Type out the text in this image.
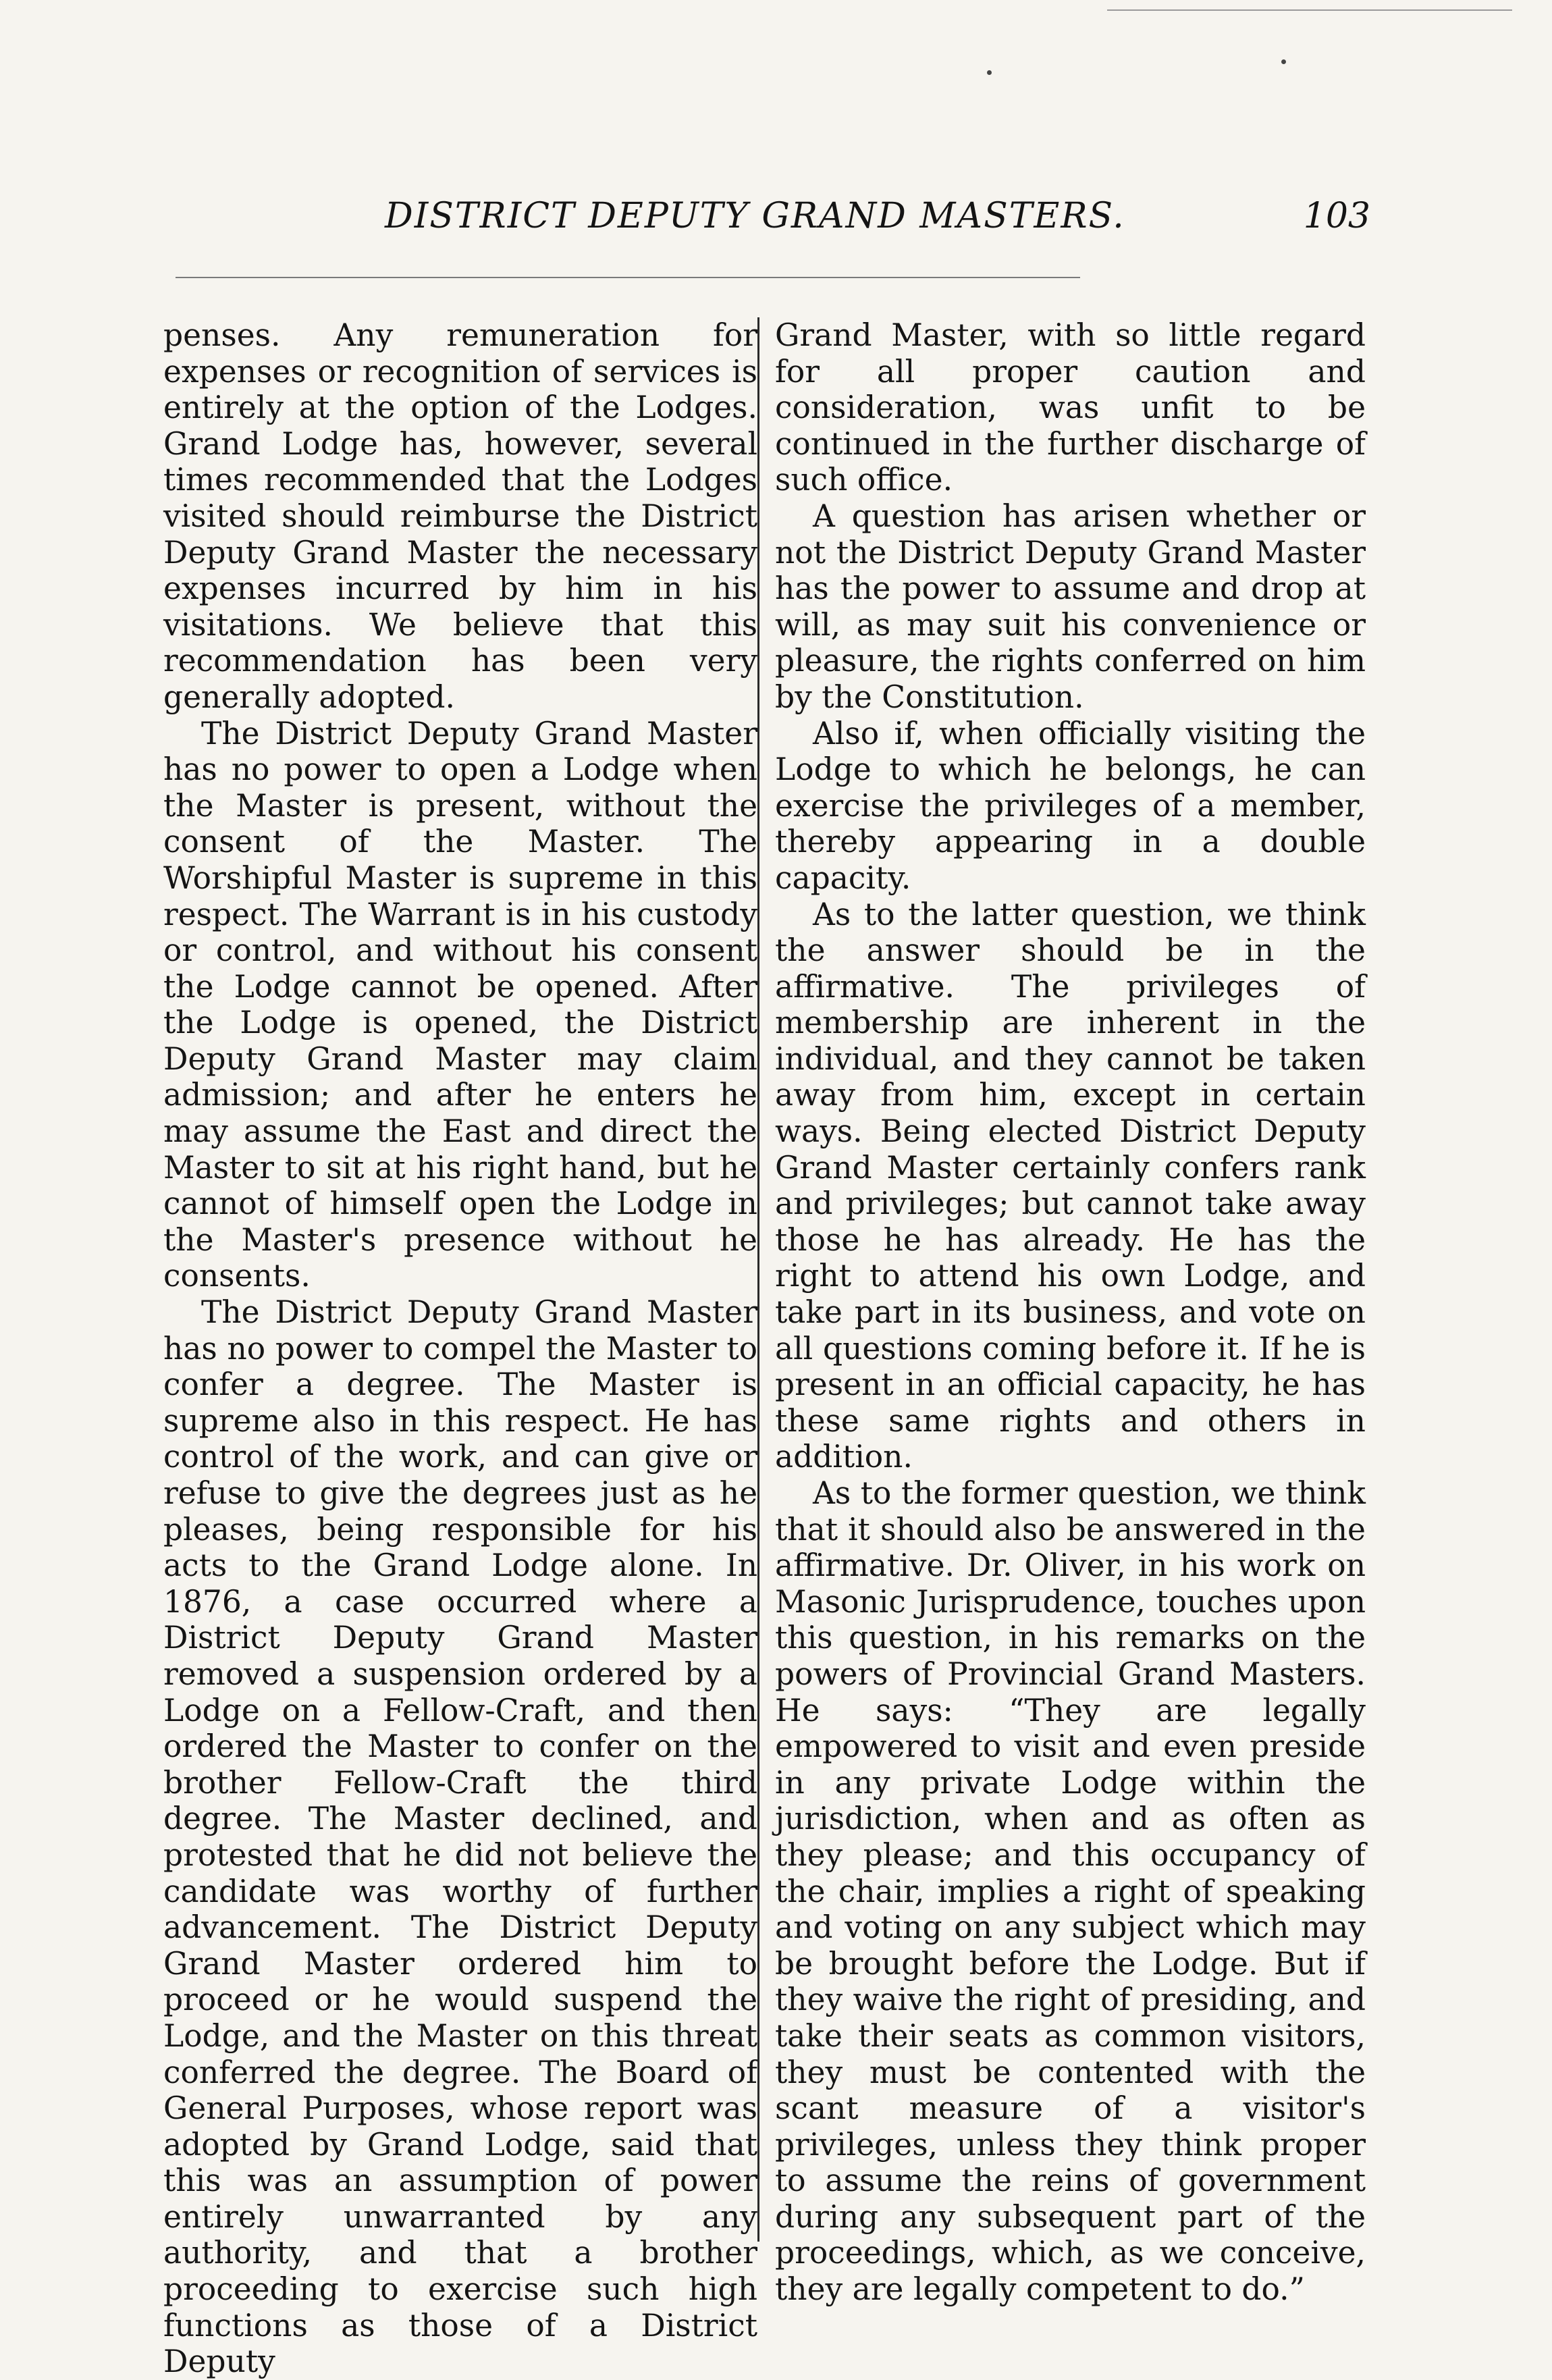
DISTRICT DEPUTY GRAND MASTERS.	103

penses. Any remuneration for expenses or recognition of services is entirely at the option of the Lodges. Grand Lodge has, however, several times recommended that the Lodges visited should reimburse the District Deputy Grand Master the necessary expenses incurred by him in his visitations. We believe that this recommendation has been very generally adopted.

The District Deputy Grand Master has no power to open a Lodge when the Master is present, without the consent of the Master. The Worshipful Master is supreme in this respect. The Warrant is in his custody or control, and without his consent the Lodge cannot be opened. After the Lodge is opened, the District Deputy Grand Master may claim admission; and after he enters he may assume the East and direct the Master to sit at his right hand, but he cannot of himself open the Lodge in the Master's presence without he consents.

The District Deputy Grand Master has no power to compel the Master to confer a degree. The Master is supreme also in this respect. He has control of the work, and can give or refuse to give the degrees just as he pleases, being responsible for his acts to the Grand Lodge alone. In 1876, a case occurred where a District Deputy Grand Master removed a suspension ordered by a Lodge on a Fellow-Craft, and then ordered the Master to confer on the brother Fellow-Craft the third degree. The Master declined, and protested that he did not believe the candidate was worthy of further advancement. The District Deputy Grand Master ordered him to proceed or he would suspend the Lodge, and the Master on this threat conferred the degree. The Board of General Purposes, whose report was adopted by Grand Lodge, said that this was an assumption of power entirely unwarranted by any authority, and that a brother proceeding to exercise such high functions as those of a District Deputy

Grand Master, with so little regard for all proper caution and consideration, was unfit to be continued in the further discharge of such office.

A question has arisen whether or not the District Deputy Grand Master has the power to assume and drop at will, as may suit his convenience or pleasure, the rights conferred on him by the Constitution.

Also if, when officially visiting the Lodge to which he belongs, he can exercise the privileges of a member, thereby appearing in a double capacity.

As to the latter question, we think the answer should be in the affirmative. The privileges of membership are inherent in the individual, and they cannot be taken away from him, except in certain ways. Being elected District Deputy Grand Master certainly confers rank and privileges; but cannot take away those he has already. He has the right to attend his own Lodge, and take part in its business, and vote on all questions coming before it. If he is present in an official capacity, he has these same rights and others in addition.

As to the former question, we think that it should also be answered in the affirmative. Dr. Oliver, in his work on Masonic Jurisprudence, touches upon this question, in his remarks on the powers of Provincial Grand Masters. He says: “They are legally empowered to visit and even preside in any private Lodge within the jurisdiction, when and as often as they please; and this occupancy of the chair, implies a right of speaking and voting on any subject which may be brought before the Lodge. But if they waive the right of presiding, and take their seats as common visitors, they must be contented with the scant measure of a visitor's privileges, unless they think proper to assume the reins of government during any subsequent part of the proceedings, which, as we conceive, they are legally competent to do.”
